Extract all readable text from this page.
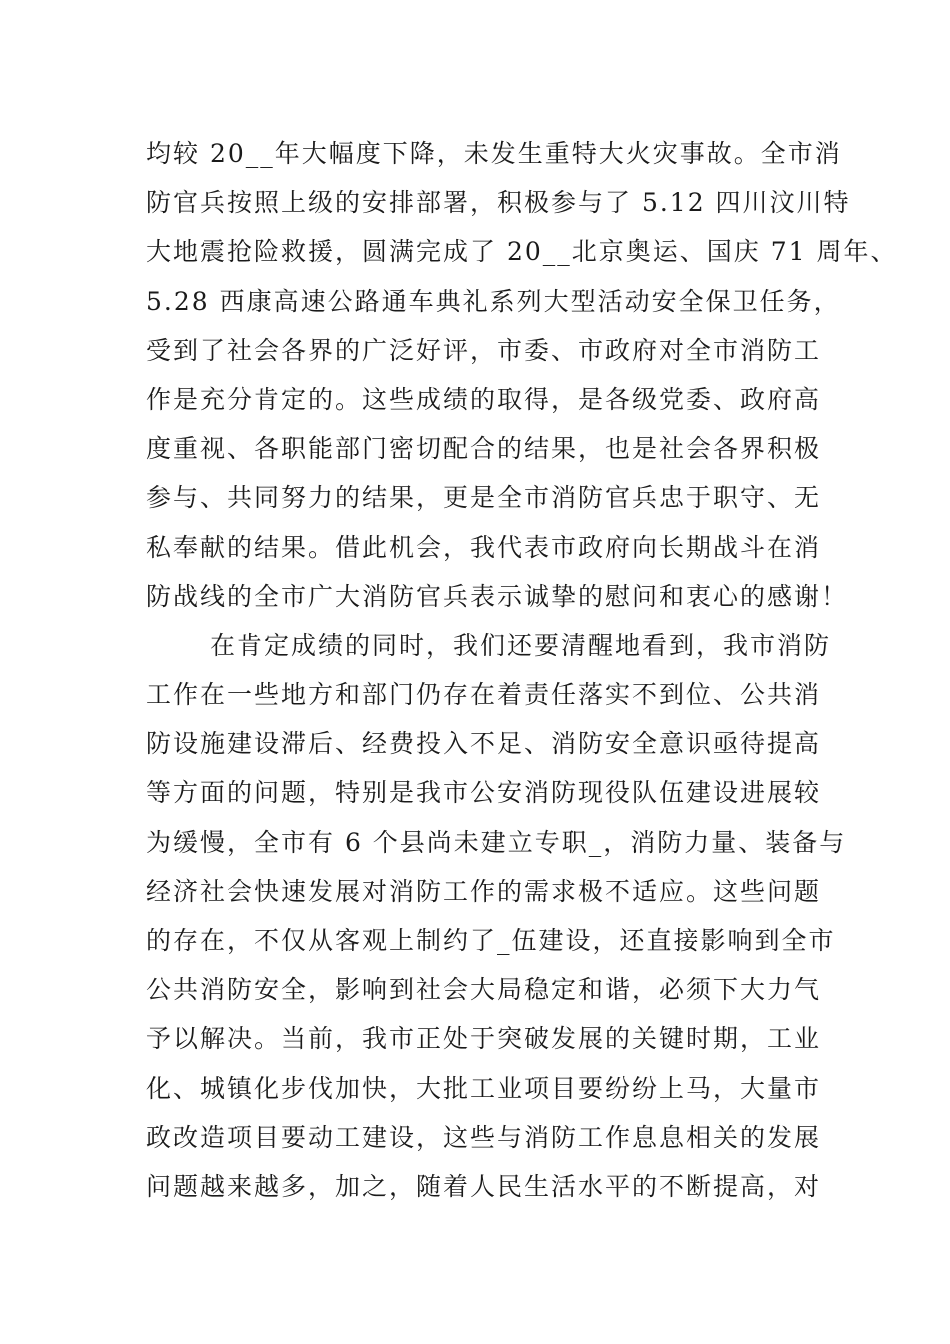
均较 20__年大幅度下降，未发生重特大火灾事故。全市消
防官兵按照上级的安排部署，积极参与了 5.12 四川汶川特
大地震抢险救援，圆满完成了 20__北京奥运、国庆 71 周年、
5.28 西康高速公路通车典礼系列大型活动安全保卫任务，
受到了社会各界的广泛好评，市委、市政府对全市消防工
作是充分肯定的。这些成绩的取得，是各级党委、政府高
度重视、各职能部门密切配合的结果，也是社会各界积极
参与、共同努力的结果，更是全市消防官兵忠于职守、无
私奉献的结果。借此机会，我代表市政府向长期战斗在消
防战线的全市广大消防官兵表示诚挚的慰问和衷心的感谢！
在肯定成绩的同时，我们还要清醒地看到，我市消防
工作在一些地方和部门仍存在着责任落实不到位、公共消
防设施建设滞后、经费投入不足、消防安全意识亟待提高
等方面的问题，特别是我市公安消防现役队伍建设进展较
为缓慢，全市有 6 个县尚未建立专职_，消防力量、装备与
经济社会快速发展对消防工作的需求极不适应。这些问题
的存在，不仅从客观上制约了_伍建设，还直接影响到全市
公共消防安全，影响到社会大局稳定和谐，必须下大力气
予以解决。当前，我市正处于突破发展的关键时期，工业
化、城镇化步伐加快，大批工业项目要纷纷上马，大量市
政改造项目要动工建设，这些与消防工作息息相关的发展
问题越来越多，加之，随着人民生活水平的不断提高，对
